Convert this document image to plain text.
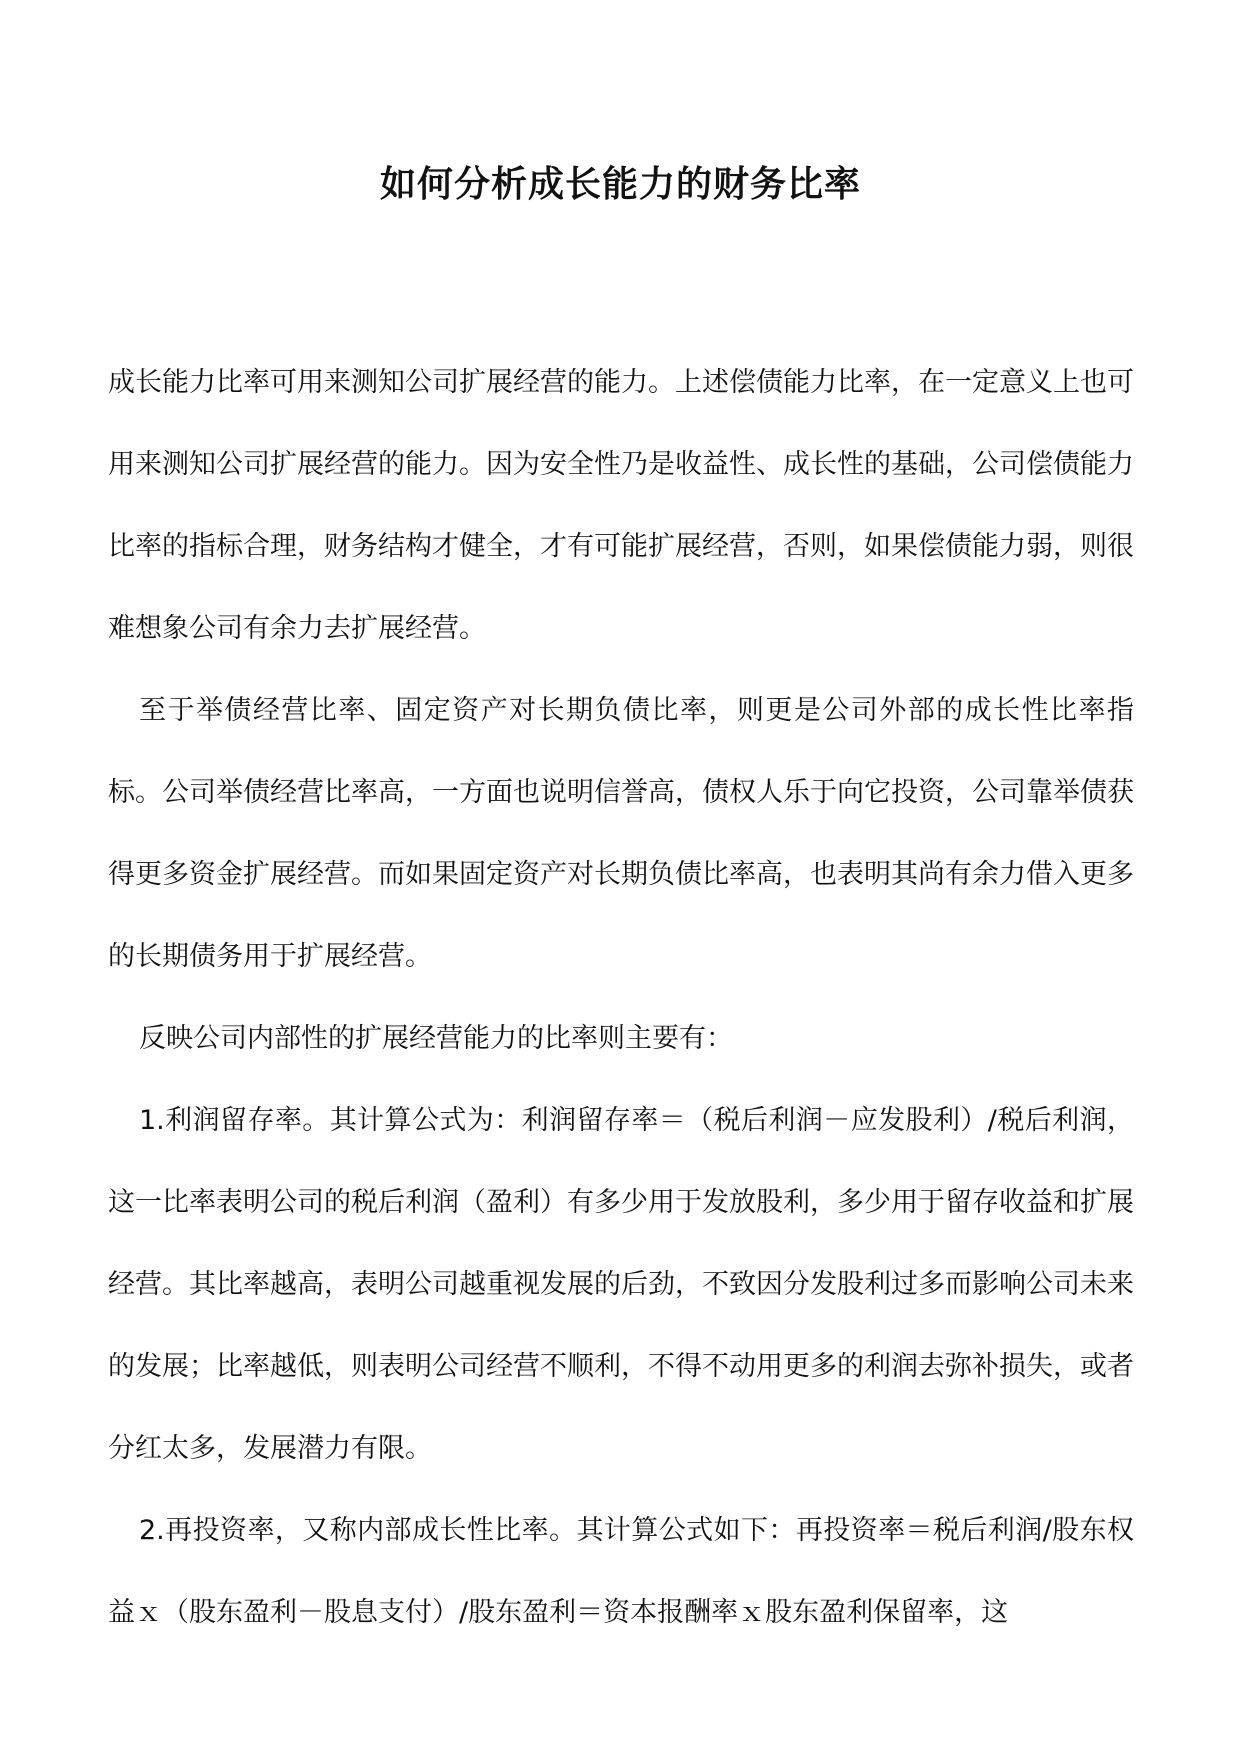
如何分析成长能力的财务比率

成长能力比率可用来测知公司扩展经营的能力。上述偿债能力比率，在一定意义上也可用来测知公司扩展经营的能力。因为安全性乃是收益性、成长性的基础，公司偿债能力比率的指标合理，财务结构才健全，才有可能扩展经营，否则，如果偿债能力弱，则很难想象公司有余力去扩展经营。

至于举债经营比率、固定资产对长期负债比率，则更是公司外部的成长性比率指标。公司举债经营比率高，一方面也说明信誉高，债权人乐于向它投资，公司靠举债获得更多资金扩展经营。而如果固定资产对长期负债比率高，也表明其尚有余力借入更多的长期债务用于扩展经营。

反映公司内部性的扩展经营能力的比率则主要有：

1.利润留存率。其计算公式为：利润留存率＝（税后利润－应发股利）/税后利润，这一比率表明公司的税后利润（盈利）有多少用于发放股利，多少用于留存收益和扩展经营。其比率越高，表明公司越重视发展的后劲，不致因分发股利过多而影响公司未来的发展；比率越低，则表明公司经营不顺利，不得不动用更多的利润去弥补损失，或者分红太多，发展潜力有限。

2.再投资率，又称内部成长性比率。其计算公式如下：再投资率＝税后利润/股东权益ｘ（股东盈利－股息支付）/股东盈利＝资本报酬率ｘ股东盈利保留率，这
